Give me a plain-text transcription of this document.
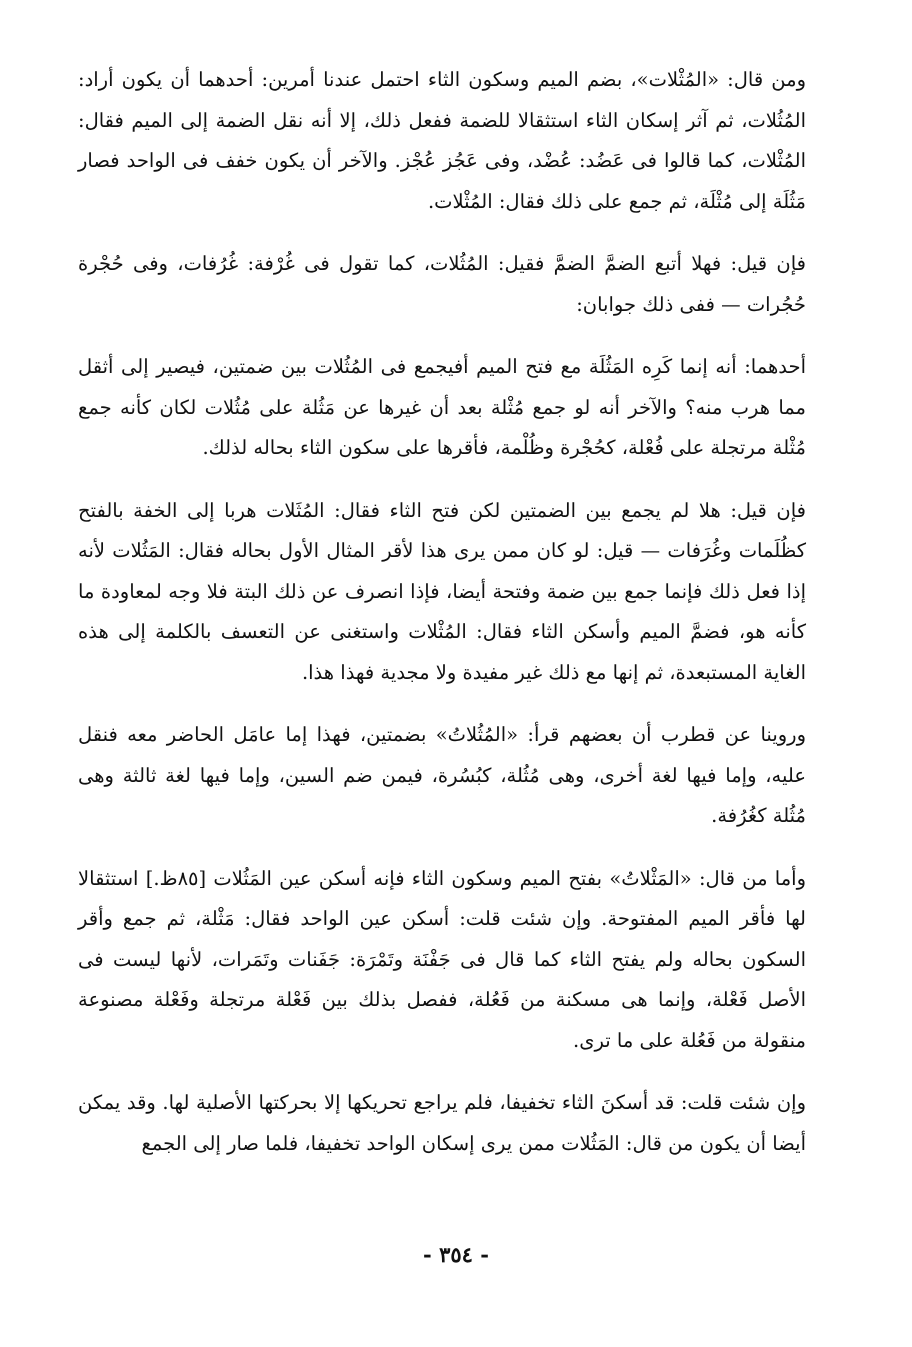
ومن قال: «المُثْلات»، بضم الميم وسكون الثاء احتمل عندنا أمرين: أحدهما أن يكون أراد: المُثُلات، ثم آثر إسكان الثاء استثقالا للضمة ففعل ذلك، إلا أنه نقل الضمة إلى الميم فقال: المُثْلات، كما قالوا فى عَضُد: عُضْد، وفى عَجُز عُجْز. والآخر أن يكون خفف فى الواحد فصار مَثُلَة إلى مُثْلَة، ثم جمع على ذلك فقال: المُثْلات.

فإن قيل: فهلا أتبع الضمَّ الضمَّ فقيل: المُثُلات، كما تقول فى غُرْفة: غُرُفات، وفى حُجْرة حُجُرات — ففى ذلك جوابان:

أحدهما: أنه إنما كَرِه المَثُلَة مع فتح الميم أفيجمع فى المُثُلات بين ضمتين، فيصير إلى أثقل مما هرب منه؟ والآخر أنه لو جمع مُثْلة بعد أن غيرها عن مَثُلة على مُثُلات لكان كأنه جمع مُثْلة مرتجلة على فُعْلة، كحُجْرة وظُلْمة، فأقرها على سكون الثاء بحاله لذلك.

فإن قيل: هلا لم يجمع بين الضمتين لكن فتح الثاء فقال: المُثَلات هربا إلى الخفة بالفتح كظُلَمات وغُرَفات — قيل: لو كان ممن يرى هذا لأقر المثال الأول بحاله فقال: المَثُلات لأنه إذا فعل ذلك فإنما جمع بين ضمة وفتحة أيضا، فإذا انصرف عن ذلك البتة فلا وجه لمعاودة ما كأنه هو، فضمَّ الميم وأسكن الثاء فقال: المُثْلات واستغنى عن التعسف بالكلمة إلى هذه الغاية المستبعدة، ثم إنها مع ذلك غير مفيدة ولا مجدية فهذا هذا.

وروينا عن قطرب أن بعضهم قرأ: «المُثُلاتُ» بضمتين، فهذا إما عامَل الحاضر معه فنقل عليه، وإما فيها لغة أخرى، وهى مُثُلة، كبُسُرة، فيمن ضم السين، وإما فيها لغة ثالثة وهى مُثُلة كغُرُفة.

وأما من قال: «المَثْلاتُ» بفتح الميم وسكون الثاء فإنه أسكن عين المَثُلات [٨٥ظ.] استثقالا لها فأقر الميم المفتوحة. وإن شئت قلت: أسكن عين الواحد فقال: مَثْلة، ثم جمع وأقر السكون بحاله ولم يفتح الثاء كما قال فى جَفْنَة وتَمْرَة: جَفَنات وتَمَرات، لأنها ليست فى الأصل فَعْلة، وإنما هى مسكنة من فَعُلة، ففصل بذلك بين فَعْلة مرتجلة وفَعْلة مصنوعة منقولة من فَعُلة على ما ترى.

وإن شئت قلت: قد أسكنَ الثاء تخفيفا، فلم يراجع تحريكها إلا بحركتها الأصلية لها. وقد يمكن أيضا أن يكون من قال: المَثُلات ممن يرى إسكان الواحد تخفيفا، فلما صار إلى الجمع

- ٣٥٤ -
